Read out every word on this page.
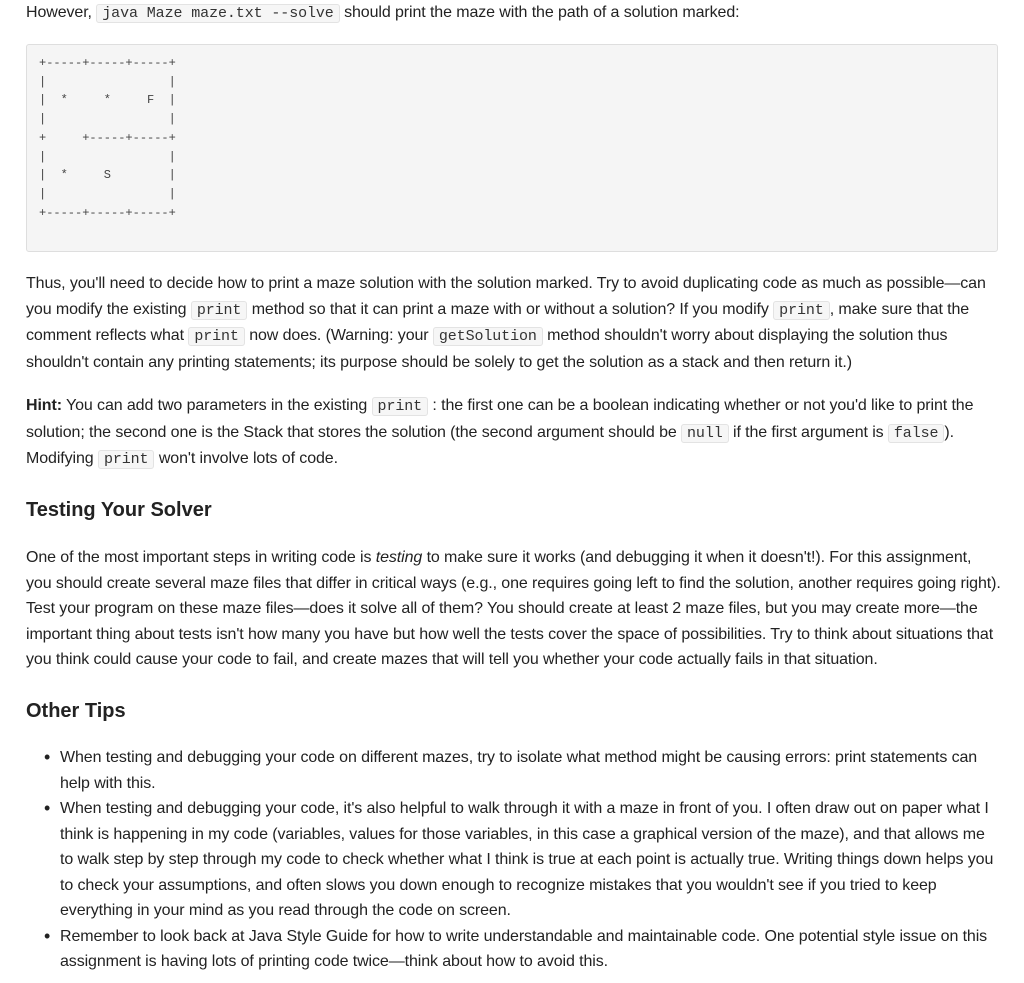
However, java Maze maze.txt --solve should print the maze with the path of a solution marked:

+-----+-----+-----+
|                 |
|  *     *     F  |
|                 |
+     +-----+-----+
|                 |
|  *     S        |
|                 |
+-----+-----+-----+

Thus, you'll need to decide how to print a maze solution with the solution marked. Try to avoid duplicating code as much as possible—can you modify the existing print method so that it can print a maze with or without a solution? If you modify print , make sure that the comment reflects what print now does. (Warning: your getSolution method shouldn't worry about displaying the solution thus shouldn't contain any printing statements; its purpose should be solely to get the solution as a stack and then return it.)

Hint: You can add two parameters in the existing print : the first one can be a boolean indicating whether or not you'd like to print the solution; the second one is the Stack that stores the solution (the second argument should be null if the first argument is false ). Modifying print won't involve lots of code.

Testing Your Solver

One of the most important steps in writing code is testing to make sure it works (and debugging it when it doesn't!). For this assignment, you should create several maze files that differ in critical ways (e.g., one requires going left to find the solution, another requires going right). Test your program on these maze files—does it solve all of them? You should create at least 2 maze files, but you may create more—the important thing about tests isn't how many you have but how well the tests cover the space of possibilities. Try to think about situations that you think could cause your code to fail, and create mazes that will tell you whether your code actually fails in that situation.

Other Tips
• When testing and debugging your code on different mazes, try to isolate what method might be causing errors: print statements can help with this.
• When testing and debugging your code, it's also helpful to walk through it with a maze in front of you. I often draw out on paper what I think is happening in my code (variables, values for those variables, in this case a graphical version of the maze), and that allows me to walk step by step through my code to check whether what I think is true at each point is actually true. Writing things down helps you to check your assumptions, and often slows you down enough to recognize mistakes that you wouldn't see if you tried to keep everything in your mind as you read through the code on screen.
• Remember to look back at Java Style Guide for how to write understandable and maintainable code. One potential style issue on this assignment is having lots of printing code twice—think about how to avoid this.
